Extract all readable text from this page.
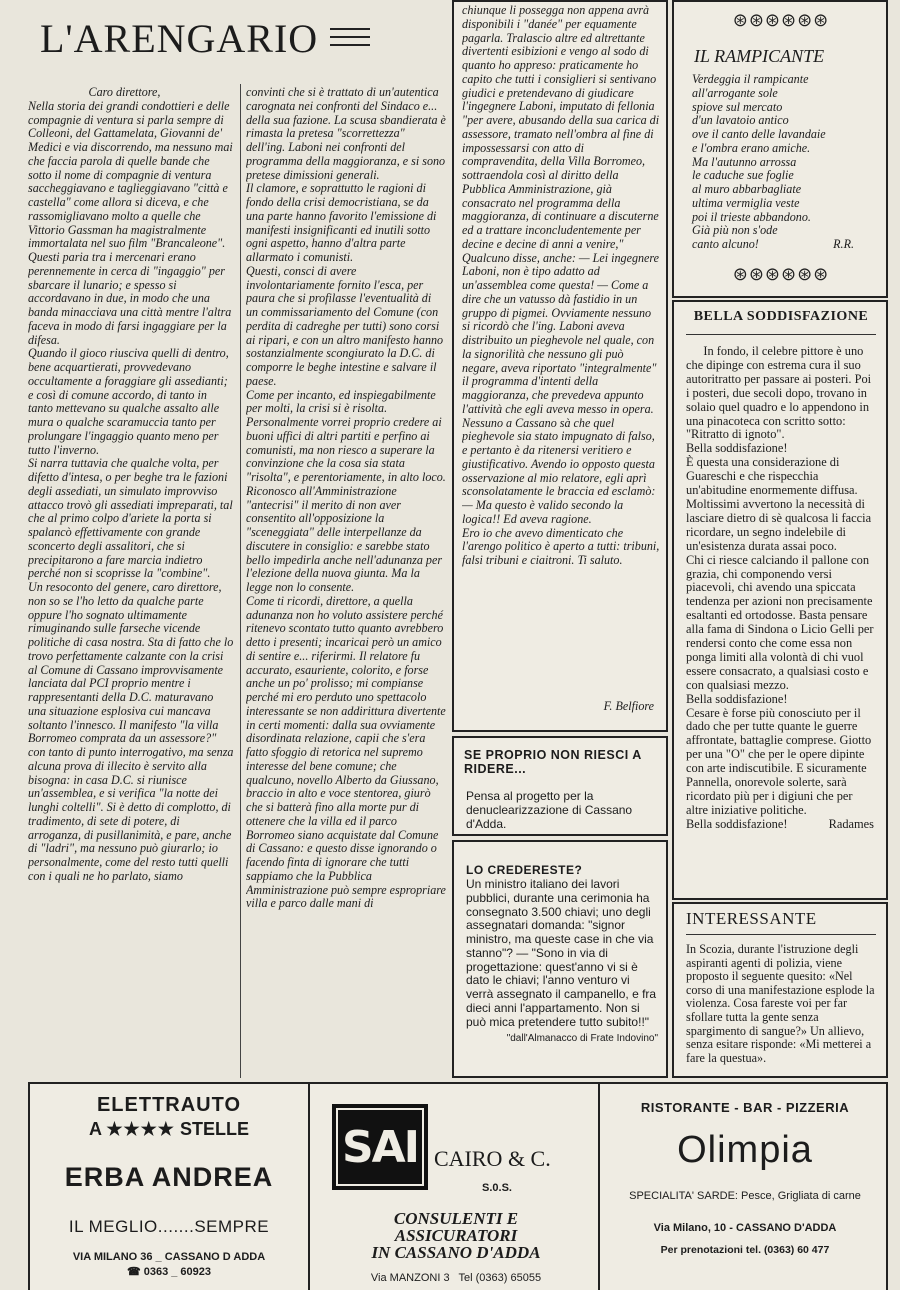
L'ARENGARIO

Caro direttore,

Nella storia dei grandi condottieri e delle compagnie di ventura si parla sempre di Colleoni, del Gattamelata, Giovanni de' Medici e via discorrendo, ma nessuno mai che faccia parola di quelle bande che sotto il nome di compagnie di ventura saccheggiavano e taglieggiavano "città e castella" come allora si diceva, e che rassomigliavano molto a quelle che Vittorio Gassman ha magistralmente immortalata nel suo film "Brancaleone".

Questi paria tra i mercenari erano perennemente in cerca di "ingaggio" per sbarcare il lunario; e spesso si accordavano in due, in modo che una banda minacciava una città mentre l'altra faceva in modo di farsi ingaggiare per la difesa.

Quando il gioco riusciva quelli di dentro, bene acquartierati, provvedevano occultamente a foraggiare gli assedianti; e così di comune accordo, di tanto in tanto mettevano su qualche assalto alle mura o qualche scaramuccia tanto per prolungare l'ingaggio quanto meno per tutto l'inverno.

Si narra tuttavia che qualche volta, per difetto d'intesa, o per beghe tra le fazioni degli assediati, un simulato improvviso attacco trovò gli assediati impreparati, tal che al primo colpo d'ariete la porta si spalancò effettivamente con grande sconcerto degli assalitori, che si precipitarono a fare marcia indietro perché non si scoprisse la "combine".

Un resoconto del genere, caro direttore, non so se l'ho letto da qualche parte oppure l'ho sognato ultimamente rimuginando sulle farseche vicende politiche di casa nostra. Sta di fatto che lo trovo perfettamente calzante con la crisi al Comune di Cassano improvvisamente lanciata dal PCI proprio mentre i rappresentanti della D.C. maturavano una situazione esplosiva cui mancava soltanto l'innesco. Il manifesto "la villa Borromeo comprata da un assessore?" con tanto di punto interrogativo, ma senza alcuna prova di illecito è servito alla bisogna: in casa D.C. si riunisce un'assemblea, e si verifica "la notte dei lunghi coltelli". Si è detto di complotto, di tradimento, di sete di potere, di arroganza, di pusillanimità, e pare, anche di "ladri", ma nessuno può giurarlo; io personalmente, come del resto tutti quelli con i quali ne ho parlato, siamo

convinti che si è trattato di un'autentica carognata nei confronti del Sindaco e... della sua fazione. La scusa sbandierata è rimasta la pretesa "scorrettezza" dell'ing. Laboni nei confronti del programma della maggioranza, e si sono pretese dimissioni generali.

Il clamore, e soprattutto le ragioni di fondo della crisi democristiana, se da una parte hanno favorito l'emissione di manifesti insignificanti ed inutili sotto ogni aspetto, hanno d'altra parte allarmato i comunisti.

Questi, consci di avere involontariamente fornito l'esca, per paura che si profilasse l'eventualità di un commissariamento del Comune (con perdita di cadreghe per tutti) sono corsi ai ripari, e con un altro manifesto hanno sostanzialmente scongiurato la D.C. di comporre le beghe intestine e salvare il paese.

Come per incanto, ed inspiegabilmente per molti, la crisi si è risolta.

Personalmente vorrei proprio credere ai buoni uffici di altri partiti e perfino ai comunisti, ma non riesco a superare la convinzione che la cosa sia stata "risolta", e perentoriamente, in alto loco.

Riconosco all'Amministrazione "antecrisi" il merito di non aver consentito all'opposizione la "sceneggiata" delle interpellanze da discutere in consiglio: e sarebbe stato bello impedirla anche nell'adunanza per l'elezione della nuova giunta. Ma la legge non lo consente.

Come ti ricordi, direttore, a quella adunanza non ho voluto assistere perché ritenevo scontato tutto quanto avrebbero detto i presenti; incaricai però un amico di sentire e... riferirmi. Il relatore fu accurato, esauriente, colorito, e forse anche un po' prolisso; mi compianse perché mi ero perduto uno spettacolo interessante se non addirittura divertente in certi momenti: dalla sua ovviamente disordinata relazione, capii che s'era fatto sfoggio di retorica nel supremo interesse del bene comune; che qualcuno, novello Alberto da Giussano, braccio in alto e voce stentorea, giurò che si batterà fino alla morte pur di ottenere che la villa ed il parco Borromeo siano acquistate dal Comune di Cassano: e questo disse ignorando o facendo finta di ignorare che tutti sappiamo che la Pubblica Amministrazione può sempre espropriare villa e parco dalle mani di

chiunque li possegga non appena avrà disponibili i "danée" per equamente pagarla. Tralascio altre ed altrettante divertenti esibizioni e vengo al sodo di quanto ho appreso: praticamente ho capito che tutti i consiglieri si sentivano giudici e pretendevano di giudicare l'ingegnere Laboni, imputato di fellonia "per avere, abusando della sua carica di assessore, tramato nell'ombra al fine di impossessarsi con atto di compravendita, della Villa Borromeo, sottraendola così al diritto della Pubblica Amministrazione, già consacrato nel programma della maggioranza, di continuare a discuterne ed a trattare inconcludentemente per decine e decine di anni a venire,"

Qualcuno disse, anche: — Lei ingegnere Laboni, non è tipo adatto ad un'assemblea come questa! — Come a dire che un vatusso dà fastidio in un gruppo di pigmei. Ovviamente nessuno si ricordò che l'ing. Laboni aveva distribuito un pieghevole nel quale, con la signorilità che nessuno gli può negare, aveva riportato "integralmente" il programma d'intenti della maggioranza, che prevedeva appunto l'attività che egli aveva messo in opera. Nessuno a Cassano sà che quel pieghevole sia stato impugnato di falso, e pertanto è da ritenersi veritiero e giustificativo. Avendo io opposto questa osservazione al mio relatore, egli aprì sconsolatamente le braccia ed esclamò: — Ma questo è valido secondo la logica!! Ed aveva ragione.

Ero io che avevo dimenticato che l'arengo politico è aperto a tutti: tribuni, falsi tribuni e ciaitroni. Ti saluto.

F. Belfiore
SE PROPRIO NON RIESCI A RIDERE...
Pensa al progetto per la denuclearizzazione di Cassano d'Adda.
LO CREDERESTE?
Un ministro italiano dei lavori pubblici, durante una cerimonia ha consegnato 3.500 chiavi; uno degli assegnatari domanda: "signor ministro, ma queste case in che via stanno"? — "Sono in via di progettazione: quest'anno vi si è dato le chiavi; l'anno venturo vi verrà assegnato il campanello, e fra dieci anni l'appartamento. Non si può mica pretendere tutto subito!!"
"dall'Almanacco di Frate Indovino"
⊛⊛⊛⊛⊛⊛
IL RAMPICANTE
Verdeggia il rampicante
all'arrogante sole
spiove sul mercato
d'un lavatoio antico
ove il canto delle lavandaie
e l'ombra erano amiche.
Ma l'autunno arrossa
le caduche sue foglie
al muro abbarbagliate
ultima vermiglia veste
poi il trieste abbandono.
Già più non s'ode
canto alcuno!	R.R.
⊛⊛⊛⊛⊛⊛
BELLA SODDISFAZIONE

In fondo, il celebre pittore è uno che dipinge con estrema cura il suo autoritratto per passare ai posteri. Poi i posteri, due secoli dopo, trovano in solaio quel quadro e lo appendono in una pinacoteca con scritto sotto: "Ritratto di ignoto".

Bella soddisfazione!

È questa una considerazione di Guareschi e che rispecchia un'abitudine enormemente diffusa. Moltissimi avvertono la necessità di lasciare dietro di sè qualcosa li faccia ricordare, un segno indelebile di un'esistenza durata assai poco.

Chi ci riesce calciando il pallone con grazia, chi componendo versi piacevoli, chi avendo una spiccata tendenza per azioni non precisamente esaltanti ed ortodosse. Basta pensare alla fama di Sindona o Licio Gelli per rendersi conto che come essa non ponga limiti alla volontà di chi vuol essere consacrato, a qualsiasi costo e con qualsiasi mezzo.

Bella soddisfazione!

Cesare è forse più conosciuto per il dado che per tutte quante le guerre affrontate, battaglie comprese. Giotto per una "O" che per le opere dipinte con arte indiscutibile. E sicuramente Pannella, onorevole solerte, sarà ricordato più per i digiuni che per altre iniziative politiche.

Bella soddisfazione!	Radames
INTERESSANTE
In Scozia, durante l'istruzione degli aspiranti agenti di polizia, viene proposto il seguente quesito: «Nel corso di una manifestazione esplode la violenza. Cosa fareste voi per far sfollare tutta la gente senza spargimento di sangue?» Un allievo, senza esitare risponde: «Mi metterei a fare la questua».
ELETTRAUTO
A ★★★★ STELLE
ERBA ANDREA
IL MEGLIO.......SEMPRE
VIA MILANO 36 _ CASSANO D ADDA
☎ 0363 _ 60923
SAI CAIRO & C.
S.0.S.
CONSULENTI E
ASSICURATORI
IN CASSANO D'ADDA
Via MANZONI 3   Tel (0363) 65055
RISTORANTE - BAR - PIZZERIA
Olimpia
SPECIALITA' SARDE: Pesce, Grigliata di carne
Via Milano, 10 - CASSANO D'ADDA
Per prenotazioni tel. (0363) 60 477
